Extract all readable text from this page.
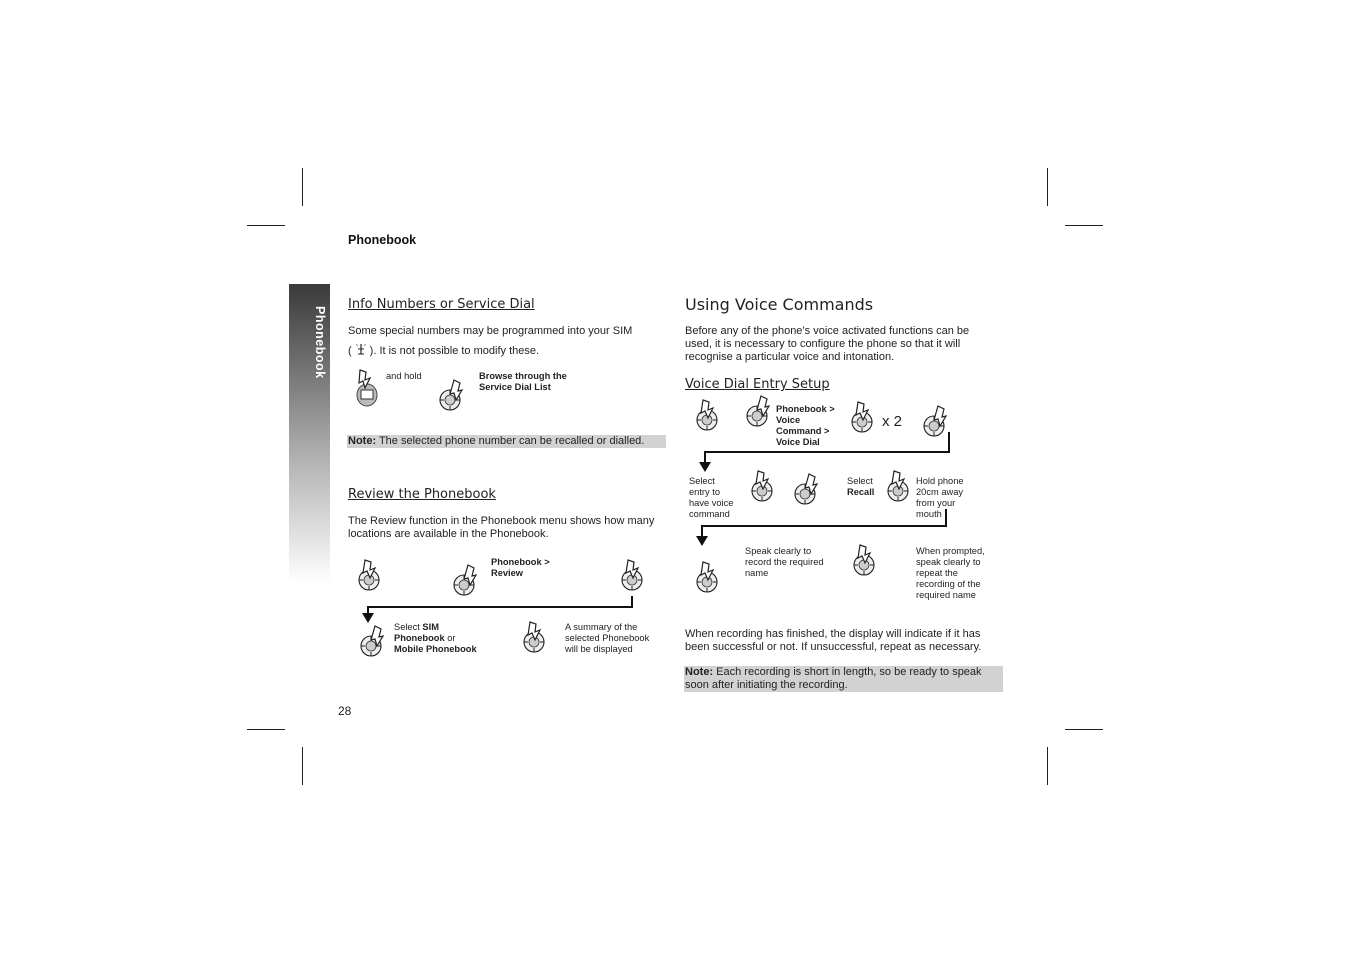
Phonebook
Phonebook
28
Info Numbers or Service Dial
Some special numbers may be programmed into your SIM
( ). It is not possible to modify these.
and hold	Browse through the
Service Dial List
Note: The selected phone number can be recalled or dialled.
Review the Phonebook
The Review function in the Phonebook menu shows how many
locations are available in the Phonebook.
Phonebook >
Review
Select SIM
Phonebook or
Mobile Phonebook
A summary of the
selected Phonebook
will be displayed
Using Voice Commands
Before any of the phone’s voice activated functions can be
used, it is necessary to configure the phone so that it will
recognise a particular voice and intonation.
Voice Dial Entry Setup
Phonebook >
Voice
Command >
Voice Dial
x 2
Select
entry to
have voice
command
Select
Recall
Hold phone
20cm away
from your
mouth
Speak clearly to
record the required
name
When prompted,
speak clearly to
repeat the
recording of the
required name
When recording has finished, the display will indicate if it has
been successful or not. If unsuccessful, repeat as necessary.
Note: Each recording is short in length, so be ready to speak
soon after initiating the recording.
